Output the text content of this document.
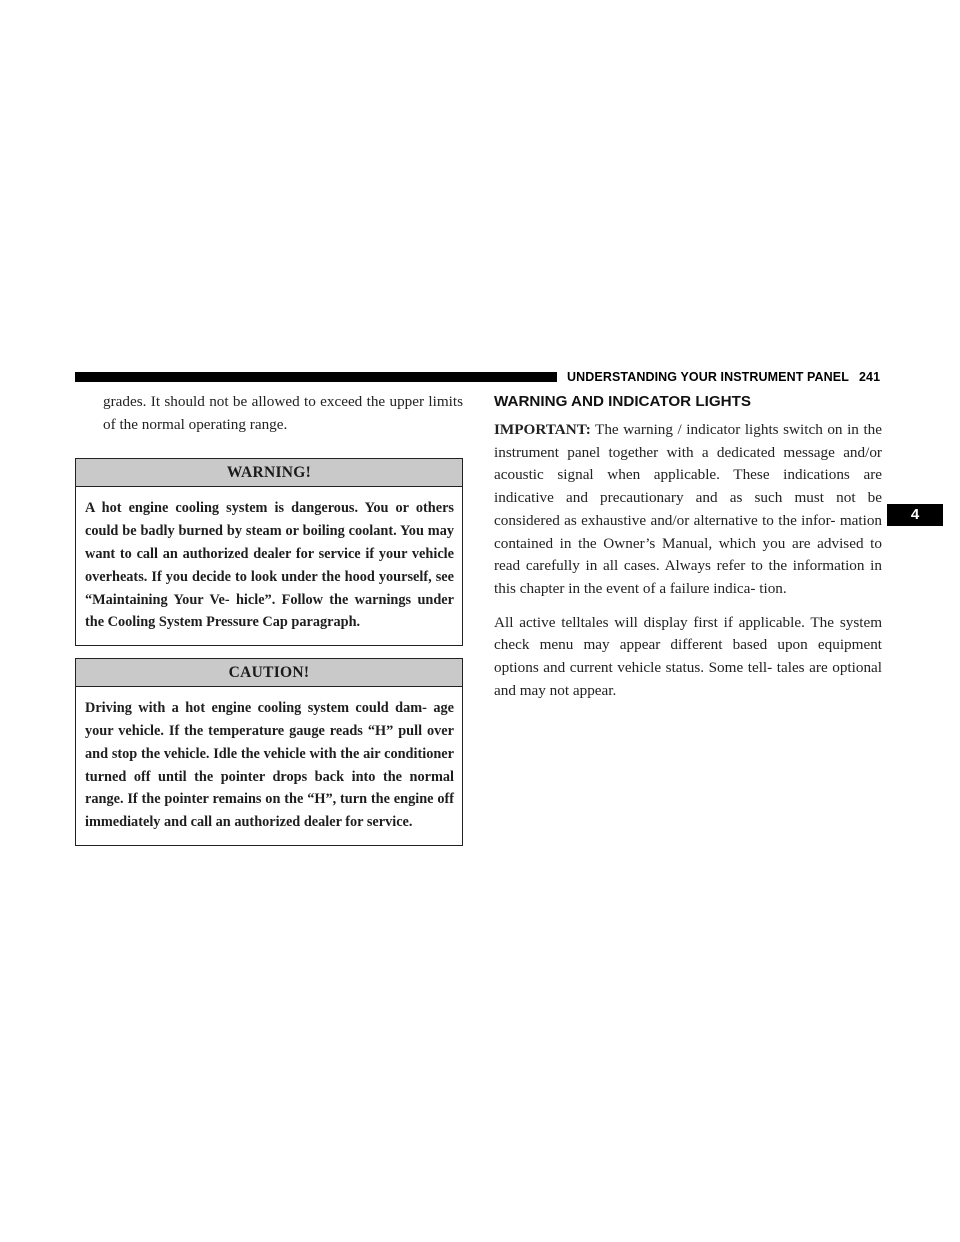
UNDERSTANDING YOUR INSTRUMENT PANEL 241
4

grades. It should not be allowed to exceed the upper limits of the normal operating range.

WARNING!

A hot engine cooling system is dangerous. You or others could be badly burned by steam or boiling coolant. You may want to call an authorized dealer for service if your vehicle overheats. If you decide to look under the hood yourself, see “Maintaining Your Ve- hicle”. Follow the warnings under the Cooling System Pressure Cap paragraph.

CAUTION!

Driving with a hot engine cooling system could dam- age your vehicle. If the temperature gauge reads “H” pull over and stop the vehicle. Idle the vehicle with the air conditioner turned off until the pointer drops back into the normal range. If the pointer remains on the “H”, turn the engine off immediately and call an authorized dealer for service.

WARNING AND INDICATOR LIGHTS

IMPORTANT: The warning / indicator lights switch on in the instrument panel together with a dedicated message and/or acoustic signal when applicable. These indications are indicative and precautionary and as such must not be considered as exhaustive and/or alternative to the infor- mation contained in the Owner’s Manual, which you are advised to read carefully in all cases. Always refer to the information in this chapter in the event of a failure indica- tion.

All active telltales will display first if applicable. The system check menu may appear different based upon equipment options and current vehicle status. Some tell- tales are optional and may not appear.
